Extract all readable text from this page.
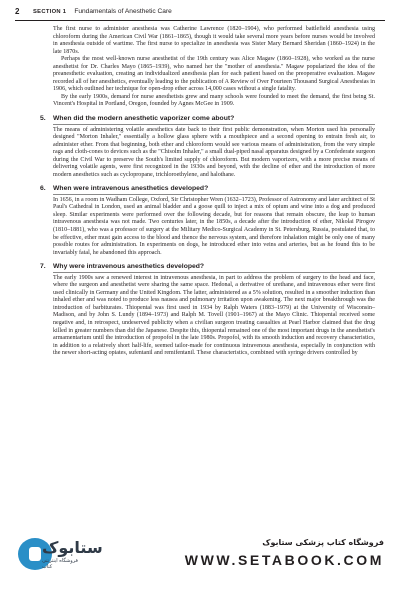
2	SECTION 1 Fundamentals of Anesthetic Care

The first nurse to administer anesthesia was Catherine Lawrence (1820–1904), who performed battlefield anesthesia using chloroform during the American Civil War (1861–1865), though it would take several more years before nurses would be involved in anesthesia outside of wartime. The first nurse to specialize in anesthesia was Sister Mary Bernard Sheridan (1860–1924) in the late 1870s.

Perhaps the most well-known nurse anesthetist of the 19th century was Alice Magaw (1860–1928), who worked as the nurse anesthetist for Dr. Charles Mayo (1865–1939), who named her the "mother of anesthesia." Magaw popularized the idea of the preanesthetic evaluation, creating an individualized anesthesia plan for each patient based on the preoperative evaluation. Magaw recorded all of her anesthetics, eventually leading to the publication of A Review of Over Fourteen Thousand Surgical Anesthesias in 1906, which outlined her technique for open-drop ether across 14,000 cases without a single fatality.

By the early 1900s, demand for nurse anesthetists grew and many schools were founded to meet the demand, the first being St. Vincent's Hospital in Portland, Oregon, founded by Agnes McGee in 1909.

5. When did the modern anesthetic vaporizer come about?

The means of administering volatile anesthetics date back to their first public demonstration, when Morton used his personally designed "Morton Inhaler," essentially a hollow glass sphere with a mouthpiece and a second opening to entrain fresh air, to administer ether. From that beginning, both ether and chloroform would see various means of administration, from the very simple rags and cloth-cones to devices such as the "Chisolm Inhaler," a small dual-piped nasal apparatus designed by a Confederate surgeon during the Civil War to preserve the South's limited supply of chloroform. But modern vaporizers, with a more precise means of delivering volatile agents, were first recognized in the 1930s and beyond, with the decline of ether and the introduction of more modern anesthetics such as cyclopropane, trichloroethylene, and halothane.

6. When were intravenous anesthetics developed?

In 1656, in a room in Wadham College, Oxford, Sir Christopher Wren (1632–1723), Professor of Astronomy and later architect of St Paul's Cathedral in London, used an animal bladder and a goose quill to inject a mix of opium and wine into a dog and produced sleep. Similar experiments were performed over the following decade, but for reasons that remain obscure, the leap to human intravenous anesthesia was not made. Two centuries later, in the 1850s, a decade after the introduction of ether, Nikolai Pirogov (1810–1881), who was a professor of surgery at the Military Medico-Surgical Academy in St. Petersburg, Russia, postulated that, to be effective, ether must gain access to the blood and thence the nervous system, and therefore inhalation might be only one of many possible routes for administration. In experiments on dogs, he introduced ether into veins and arteries, but as he found this to be invariably fatal, he abandoned this approach.

7. Why were intravenous anesthetics developed?

The early 1900s saw a renewed interest in intravenous anesthesia, in part to address the problem of surgery to the head and face, where the surgeon and anesthetist were sharing the same space. Hedonal, a derivative of urethane, and intravenous ether were first used clinically in Germany and the United Kingdom. The latter, administered as a 5% solution, resulted in a smoother induction than inhaled ether and was noted to produce less nausea and pulmonary irritation upon awakening. The next major breakthrough was the introduction of barbiturates. Thiopental was first used in 1934 by Ralph Waters (1883–1979) at the University of Wisconsin–Madison, and by John S. Lundy (1894–1973) and Ralph M. Tovell (1901–1967) at the Mayo Clinic. Thiopental received some negative and, in retrospect, undeserved publicity when a civilian surgeon treating casualties at Pearl Harbor claimed that the drug killed in greater numbers than did the Japanese. Despite this, thiopental remained one of the most important drugs in the anesthetist's armamentarium until the introduction of propofol in the late 1980s. Propofol, with its smooth induction and recovery characteristics, in addition to a relatively short half-life, seemed tailor-made for continuous intravenous anesthesia, especially in conjunction with the newer short-acting opiates, sufentanil and remifentanil. These characteristics, combined with syringe drivers controlled by

ستابوک
فروشگاه اینترنتی کتاب
فروشگاه کتاب پزشکی ستابوک
WWW.SETABOOK.COM
